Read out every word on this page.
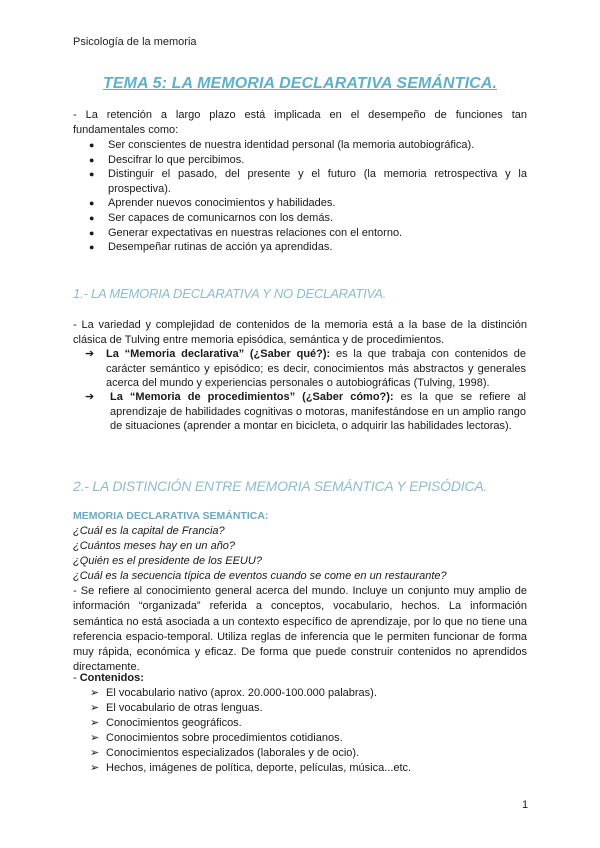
Psicología de la memoria
TEMA 5: LA MEMORIA DECLARATIVA SEMÁNTICA.
- La retención a largo plazo está implicada en el desempeño de funciones tan
fundamentales como:
● Ser conscientes de nuestra identidad personal (la memoria autobiográfica).
● Descifrar lo que percibimos.
● Distinguir el pasado, del presente y el futuro (la memoria retrospectiva y la prospectiva).
● Aprender nuevos conocimientos y habilidades.
● Ser capaces de comunicarnos con los demás.
● Generar expectativas en nuestras relaciones con el entorno.
● Desempeñar rutinas de acción ya aprendidas.
1.- LA MEMORIA DECLARATIVA Y NO DECLARATIVA.
- La variedad y complejidad de contenidos de la memoria está a la base de la distinción clásica de Tulving entre memoria episódica, semántica y de procedimientos.
➔ La “Memoria declarativa” (¿Saber qué?): es la que trabaja con contenidos de carácter semántico y episódico; es decir, conocimientos más abstractos y generales acerca del mundo y experiencias personales o autobiográficas (Tulving, 1998).
➔ La “Memoria de procedimientos” (¿Saber cómo?): es la que se refiere al aprendizaje de habilidades cognitivas o motoras, manifestándose en un amplio rango de situaciones (aprender a montar en bicicleta, o adquirir las habilidades lectoras).
2.- LA DISTINCIÓN ENTRE MEMORIA SEMÁNTICA Y EPISÓDICA.
MEMORIA DECLARATIVA SEMÁNTICA:
¿Cuál es la capital de Francia?
¿Cuántos meses hay en un año?
¿Quién es el presidente de los EEUU?
¿Cuál es la secuencia típica de eventos cuando se come en un restaurante?
- Se refiere al conocimiento general acerca del mundo. Incluye un conjunto muy amplio de información “organizada” referida a conceptos, vocabulario, hechos. La información semántica no está asociada a un contexto específico de aprendizaje, por lo que no tiene una referencia espacio-temporal. Utiliza reglas de inferencia que le permiten funcionar de forma muy rápida, económica y eficaz. De forma que puede construir contenidos no aprendidos directamente.
- Contenidos:
➢ El vocabulario nativo (aprox. 20.000-100.000 palabras).
➢ El vocabulario de otras lenguas.
➢ Conocimientos geográficos.
➢ Conocimientos sobre procedimientos cotidianos.
➢ Conocimientos especializados (laborales y de ocio).
➢ Hechos, imágenes de política, deporte, películas, música...etc.
1
